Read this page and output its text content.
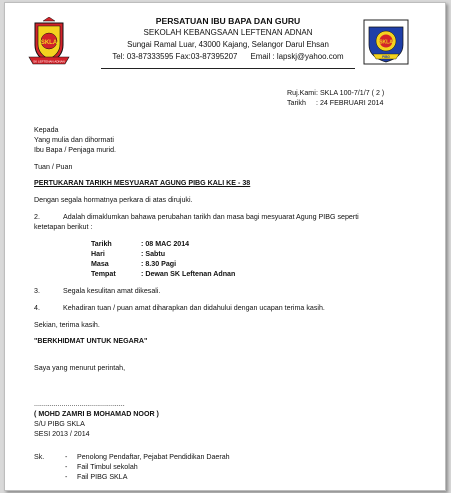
SKLA
SK LEFTENAN ADNAN
PERSATUAN IBU BAPA DAN GURU
SEKOLAH KEBANGSAAN LEFTENAN ADNAN
Sungai Ramal Luar, 43000 Kajang, Selangor Darul Ehsan
Tel: 03-87333595 Fax:03-87395207      Email : lapskj@yahoo.com
SKLA
PIBG
Ruj.Kami : SKLA 100-7/1/7 ( 2 )
Tarikh : 24 FEBRUARI 2014
Kepada
Yang mulia dan dihormati
Ibu Bapa / Penjaga murid.
Tuan / Puan
PERTUKARAN TARIKH MESYUARAT AGUNG PIBG KALI KE - 38
Dengan segala hormatnya perkara di atas dirujuki.
2.	Adalah dimaklumkan bahawa perubahan tarikh dan masa bagi mesyuarat Agung PIBG seperti
ketetapan berikut :
Tarikh	: 08 MAC 2014
Hari	: Sabtu
Masa	: 8.30 Pagi
Tempat	: Dewan SK Leftenan Adnan
3.	Segala kesulitan amat dikesali.
4.	Kehadiran tuan / puan amat diharapkan dan didahului dengan ucapan terima kasih.
Sekian, terima kasih.
"BERKHIDMAT UNTUK NEGARA"
Saya yang menurut perintah,
..............................................
( MOHD ZAMRI B MOHAMAD NOOR )
S/U PIBG SKLA
SESI 2013 / 2014
Sk.	- Penolong Pendaftar, Pejabat Pendidikan Daerah
- Fail Timbul sekolah
- Fail PIBG SKLA
